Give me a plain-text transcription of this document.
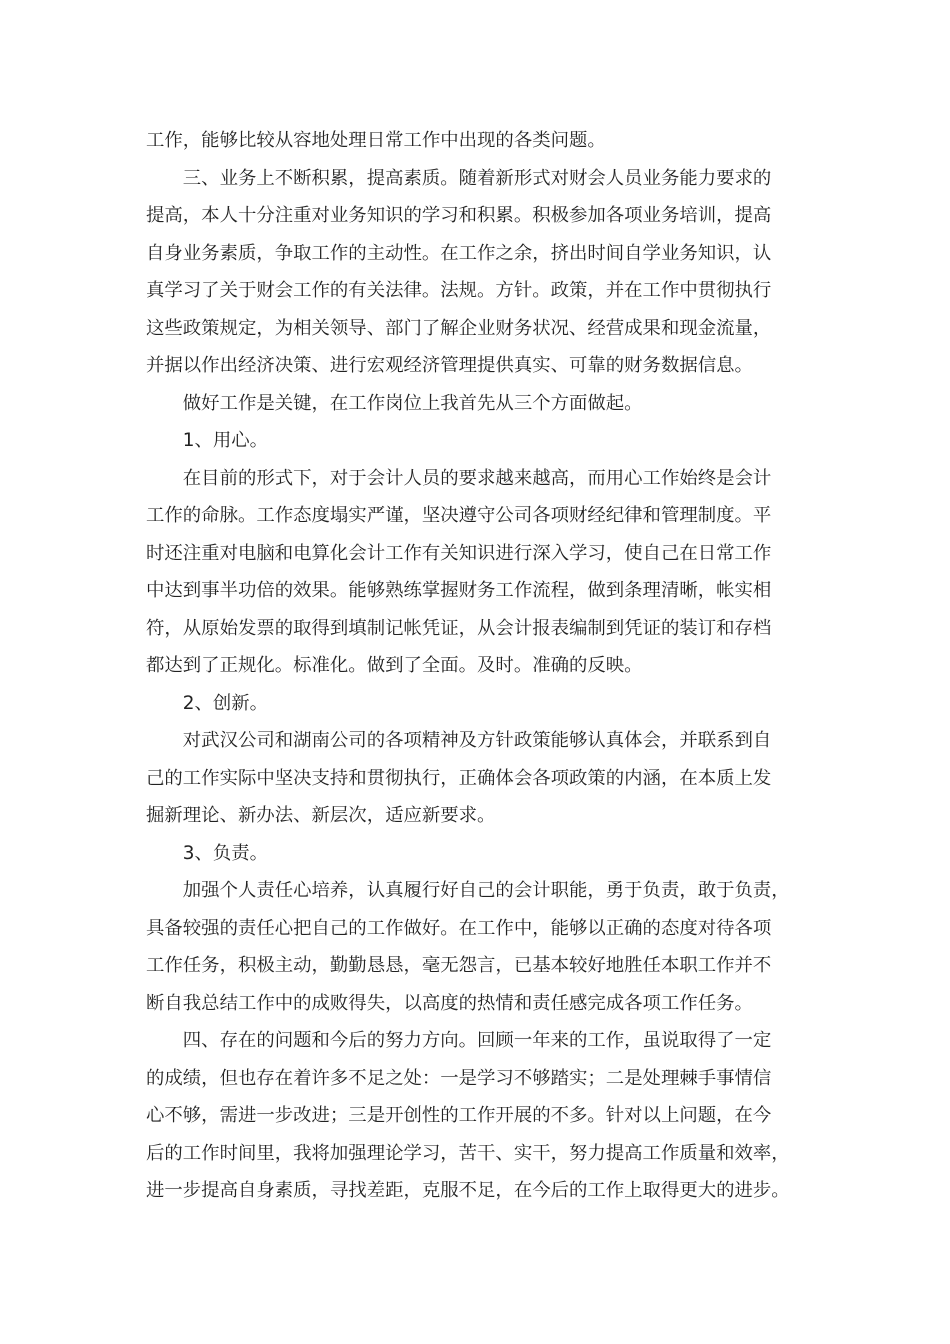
工作，能够比较从容地处理日常工作中出现的各类问题。

　　三、业务上不断积累，提高素质。随着新形式对财会人员业务能力要求的

提高，本人十分注重对业务知识的学习和积累。积极参加各项业务培训，提高

自身业务素质，争取工作的主动性。在工作之余，挤出时间自学业务知识，认

真学习了关于财会工作的有关法律。法规。方针。政策，并在工作中贯彻执行

这些政策规定，为相关领导、部门了解企业财务状况、经营成果和现金流量，

并据以作出经济决策、进行宏观经济管理提供真实、可靠的财务数据信息。

　　做好工作是关键，在工作岗位上我首先从三个方面做起。

　　1、用心。

　　在目前的形式下，对于会计人员的要求越来越高，而用心工作始终是会计

工作的命脉。工作态度塌实严谨，坚决遵守公司各项财经纪律和管理制度。平

时还注重对电脑和电算化会计工作有关知识进行深入学习，使自己在日常工作

中达到事半功倍的效果。能够熟练掌握财务工作流程，做到条理清晰，帐实相

符，从原始发票的取得到填制记帐凭证，从会计报表编制到凭证的装订和存档

都达到了正规化。标准化。做到了全面。及时。准确的反映。

　　2、创新。

　　对武汉公司和湖南公司的各项精神及方针政策能够认真体会，并联系到自

己的工作实际中坚决支持和贯彻执行，正确体会各项政策的内涵，在本质上发

掘新理论、新办法、新层次，适应新要求。

　　3、负责。

　　加强个人责任心培养，认真履行好自己的会计职能，勇于负责，敢于负责，

具备较强的责任心把自己的工作做好。在工作中，能够以正确的态度对待各项

工作任务，积极主动，勤勤恳恳，毫无怨言，已基本较好地胜任本职工作并不

断自我总结工作中的成败得失，以高度的热情和责任感完成各项工作任务。

　　四、存在的问题和今后的努力方向。回顾一年来的工作，虽说取得了一定

的成绩，但也存在着许多不足之处：一是学习不够踏实；二是处理棘手事情信

心不够，需进一步改进；三是开创性的工作开展的不多。针对以上问题，在今

后的工作时间里，我将加强理论学习，苦干、实干，努力提高工作质量和效率，

进一步提高自身素质，寻找差距，克服不足，在今后的工作上取得更大的进步。
